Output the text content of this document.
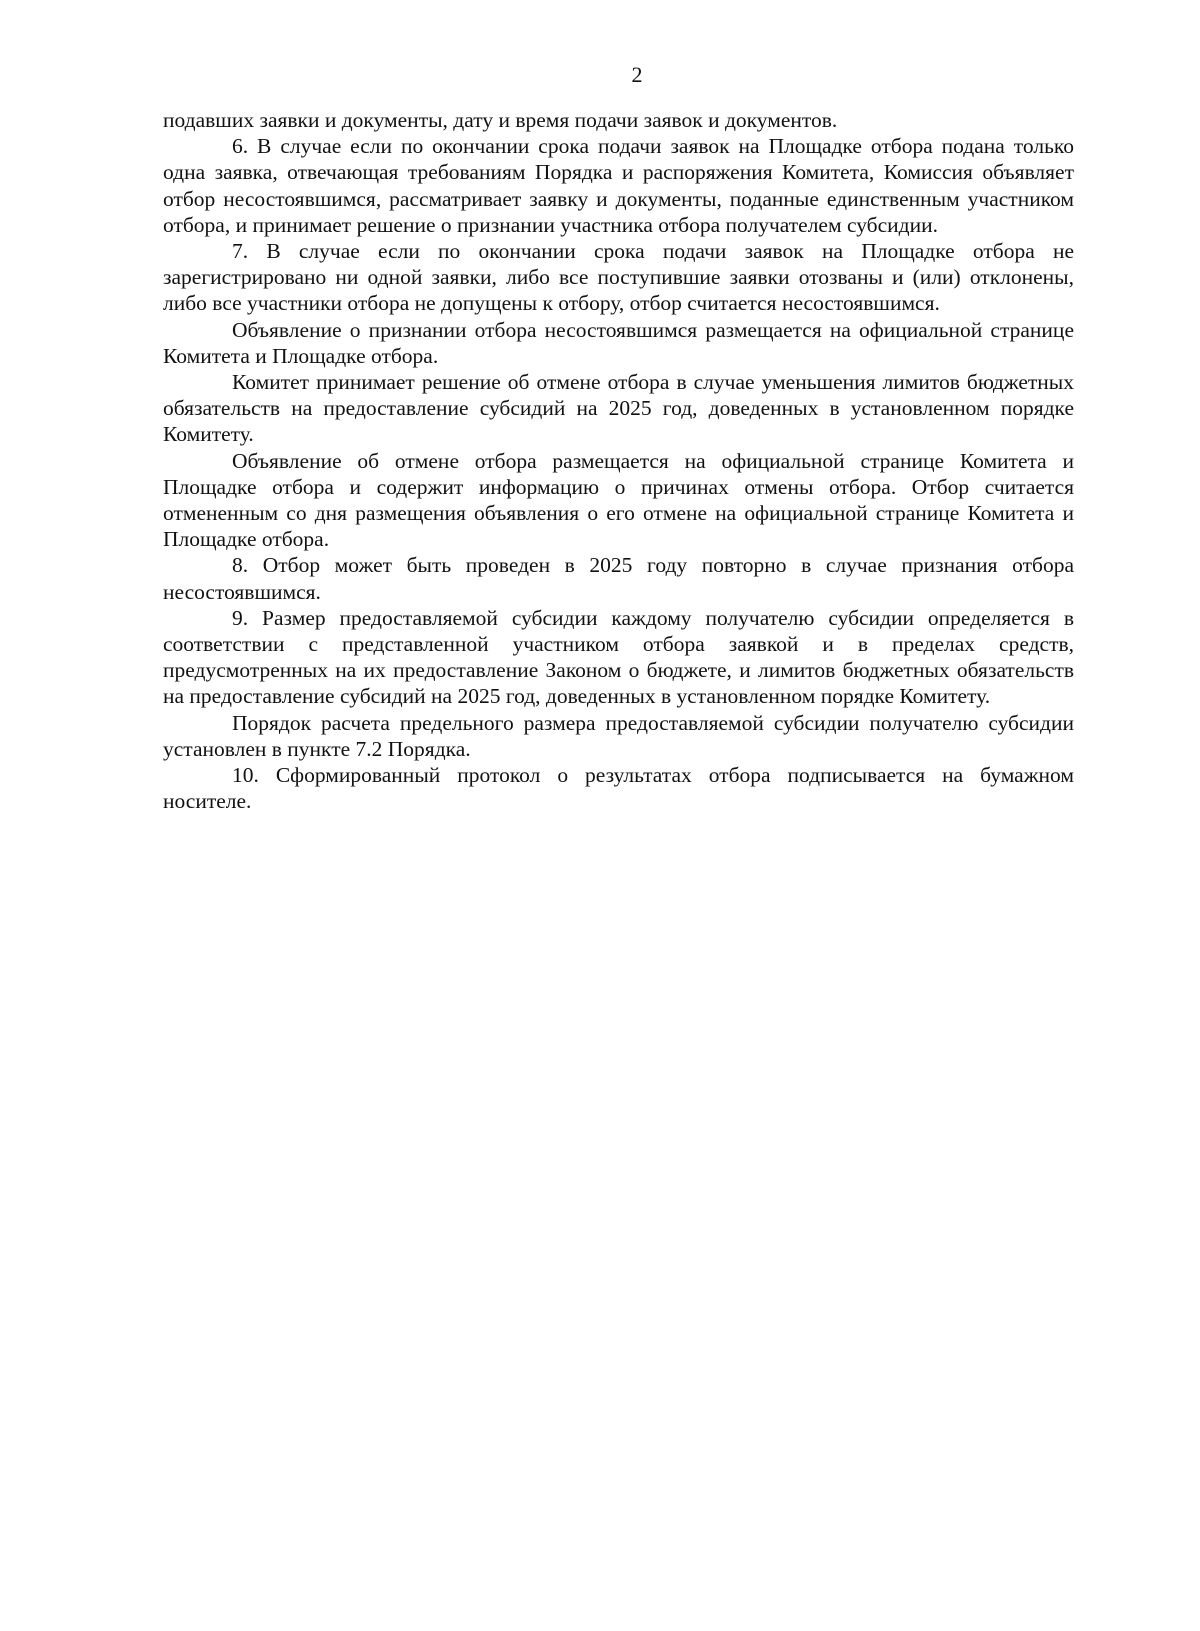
2

подавших заявки и документы, дату и время подачи заявок и документов.

6. В случае если по окончании срока подачи заявок на Площадке отбора подана только одна заявка, отвечающая требованиям Порядка и распоряжения Комитета, Комиссия объявляет отбор несостоявшимся, рассматривает заявку и документы, поданные единственным участником отбора, и принимает решение о признании участника отбора получателем субсидии.

7. В случае если по окончании срока подачи заявок на Площадке отбора не зарегистрировано ни одной заявки, либо все поступившие заявки отозваны и (или) отклонены, либо все участники отбора не допущены к отбору, отбор считается несостоявшимся.

Объявление о признании отбора несостоявшимся размещается на официальной странице Комитета и Площадке отбора.

Комитет принимает решение об отмене отбора в случае уменьшения лимитов бюджетных обязательств на предоставление субсидий на 2025 год, доведенных в установленном порядке Комитету.

Объявление об отмене отбора размещается на официальной странице Комитета и Площадке отбора и содержит информацию о причинах отмены отбора. Отбор считается отмененным со дня размещения объявления о его отмене на официальной странице Комитета и Площадке отбора.

8. Отбор может быть проведен в 2025 году повторно в случае признания отбора несостоявшимся.

9. Размер предоставляемой субсидии каждому получателю субсидии определяется в соответствии с представленной участником отбора заявкой и в пределах средств, предусмотренных на их предоставление Законом о бюджете, и лимитов бюджетных обязательств на предоставление субсидий на 2025 год, доведенных в установленном порядке Комитету.

Порядок расчета предельного размера предоставляемой субсидии получателю субсидии установлен в пункте 7.2 Порядка.

10. Сформированный протокол о результатах отбора подписывается на бумажном носителе.
